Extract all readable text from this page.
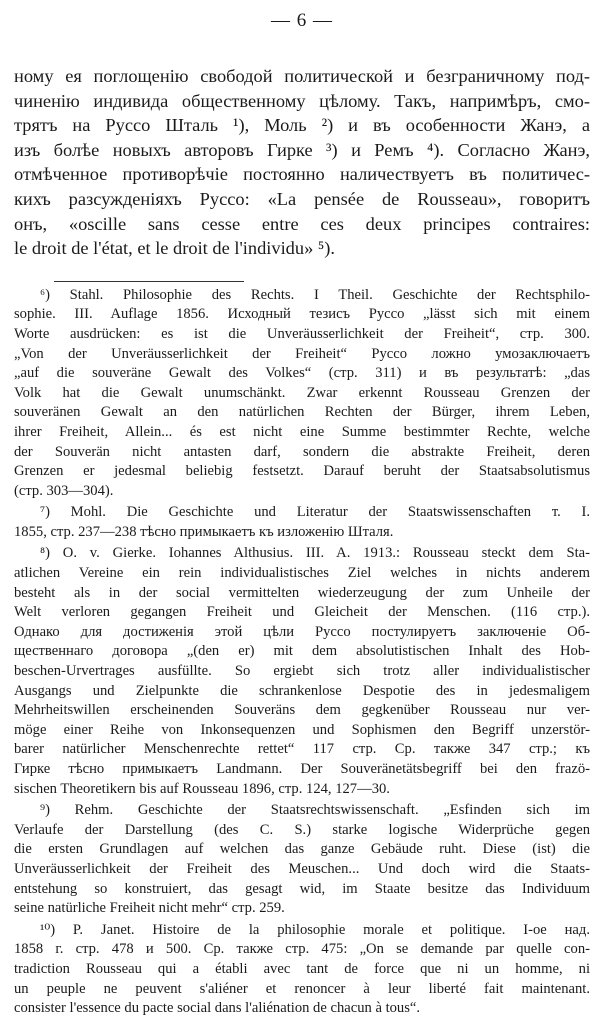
— 6 —
ному ея поглощенію свободой политической и безграничному под-
чиненію индивида общественному цѣлому. Такъ, напримѣръ, смо-
трятъ на Руссо Шталь ¹), Моль ²) и въ особенности Жанэ, а
изъ болѣе новыхъ авторовъ Гирке ³) и Ремъ ⁴). Согласно Жанэ,
отмѣченное противорѣчіе постоянно наличествуетъ въ политичес-
кихъ разсужденіяхъ Руссо: «La pensée de Rousseau», говоритъ
онъ, «oscille sans cesse entre ces deux principes contraires:
le droit de l'état, et le droit de l'individu» ⁵).
⁶) Stahl. Philosophie des Rechts. I Theil. Geschichte der Rechtsphilo-
sophie. III. Auflage 1856. Исходный тезисъ Руссо „lässt sich mit einem
Worte ausdrücken: es ist die Unveräusserlichkeit der Freiheit“, стр. 300.
„Von der Unveräusserlichkeit der Freiheit“ Руссо ложно умозаключаетъ
„auf die souveräne Gewalt des Volkes“ (стр. 311) и въ результатѣ: „das
Volk hat die Gewalt unumschänkt. Zwar erkennt Rousseau Grenzen der
souveränen Gewalt an den natürlichen Rechten der Bürger, ihrem Leben,
ihrer Freiheit, Allein... és est nicht eine Summe bestimmter Rechte, welche
der Souverän nicht antasten darf, sondern die abstrakte Freiheit, deren
Grenzen er jedesmal beliebig festsetzt. Darauf beruht der Staatsabsolutismus
(стр. 303—304).
⁷) Mohl. Die Geschichte und Literatur der Staatswissenschaften т. I.
1855, стр. 237—238 тѣсно примыкаетъ къ изложенію Шталя.
⁸) O. v. Gierke. Iohannes Althusius. III. A. 1913.: Rousseau steckt dem Sta-
atlichen Vereine ein rein individualistisches Ziel welches in nichts anderem
besteht als in der social vermittelten wiederzeugung der zum Unheile der
Welt verloren gegangen Freiheit und Gleicheit der Menschen. (116 стр.).
Однако для достиженія этой цѣли Руссо постулируетъ заключеніе Об-
щественнаго договора „(den er) mit dem absolutistischen Inhalt des Hob-
beschen-Urvertrages ausfüllte. So ergiebt sich trotz aller individualistischer
Ausgangs und Zielpunkte die schrankenlose Despotie des in jedesmaligem
Mehrheitswillen erscheinenden Souveräns dem gegkenüber Rousseau nur ver-
möge einer Reihe von Inkonsequenzen und Sophismen den Begriff unzerstör-
barer natürlicher Menschenrechte rettet“ 117 стр. Ср. также 347 стр.; къ
Гирке тѣсно примыкаетъ Landmann. Der Souveränetätsbegriff bei den frazö-
sischen Theoretikern bis auf Rousseau 1896, стр. 124, 127—30.
⁹) Rehm. Geschichte der Staatsrechtswissenschaft. „Esfinden sich im
Verlaufe der Darstellung (des C. S.) starke logische Widerprüche gegen
die ersten Grundlagen auf welchen das ganze Gebäude ruht. Diese (ist) die
Unveräusserlichkeit der Freiheit des Meuschen... Und doch wird die Staats-
entstehung so konstruiert, das gesagt wid, im Staate besitze das Individuum
seine natürliche Freiheit nicht mehr“ стр. 259.
¹⁰) P. Janet. Histoire de la philosophie morale et politique. I-oe над.
1858 г. стр. 478 и 500. Ср. также стр. 475: „On se demande par quelle con-
tradiction Rousseau qui a établi avec tant de force que ni un homme, ni
un peuple ne peuvent s'aliéner et renoncer à leur liberté fait maintenant.
consister l'essence du pacte social dans l'aliénation de chacun à tous“.
